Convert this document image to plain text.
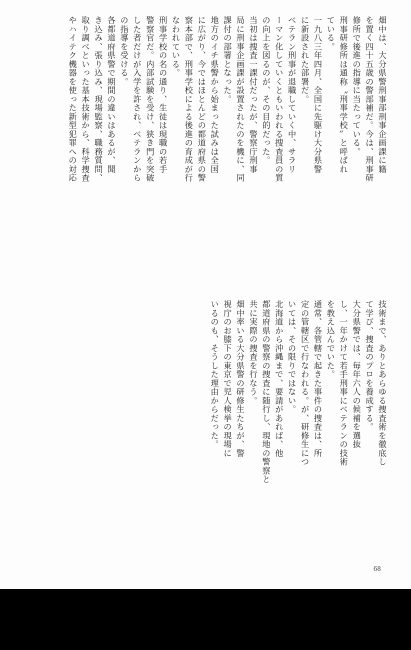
畑中は、大分県警刑事部刑事企画課に籍
を置く四十五歳の警部補だ。今は、刑事研
修所で後進の指導に当たっている。
刑事研修所は通称〝刑事学校〟と呼ばれ
ている。
一九八三年四月、全国に先駆け大分県警
に新設された部署だ。
ベテラン刑事が退職していく中、サラリ
ーマン化していくともいわれる捜査員の質
の向上を図るのが、その目的だった。
当初は捜査一課付だったが、警察庁刑事
局に刑事企画課が設置されたのを機に、同
課付の部署となった。
地方のイチ県警から始まった試みは全国
に広がり、今ではほとんどの都道府県の警
察本部で、刑事学校による後進の育成が行
なわれている。
刑事学校の名の通り、生徒は現職の若手
警察官だ。内部試験を受け、狭き門を突破
した者だけが入学を許され、ベテランから
の指導を受ける。
各都道府県警で期間の違いはあるが、聞
き込み、張り込み、現場監察、職務質問、
取り調べといった基本技術から、科学捜査
やハイテク機器を使った新型犯罪への対応
技術まで、ありとあらゆる捜査術を徹底し
て学び、捜査のプロを養成する。
大分県警では、毎年六人の候補を選抜
し、一年かけて若手刑事にベテランの技術
を教え込んでいた。
通常、各管轄で起きた事件の捜査は、所
定の管轄区で行なわれる。が、研修生につ
いては、その限りではない。
北海道から沖縄まで、要請があれば、他
都道府県の警察の捜査に随行し、現地の警察と
共に実際の捜査を行なう。
畑中率いる大分県警の研修生たちが、警
視庁のお膝下の東京で児人検挙の現場に
いるのも、そうした理由からだった。
68
